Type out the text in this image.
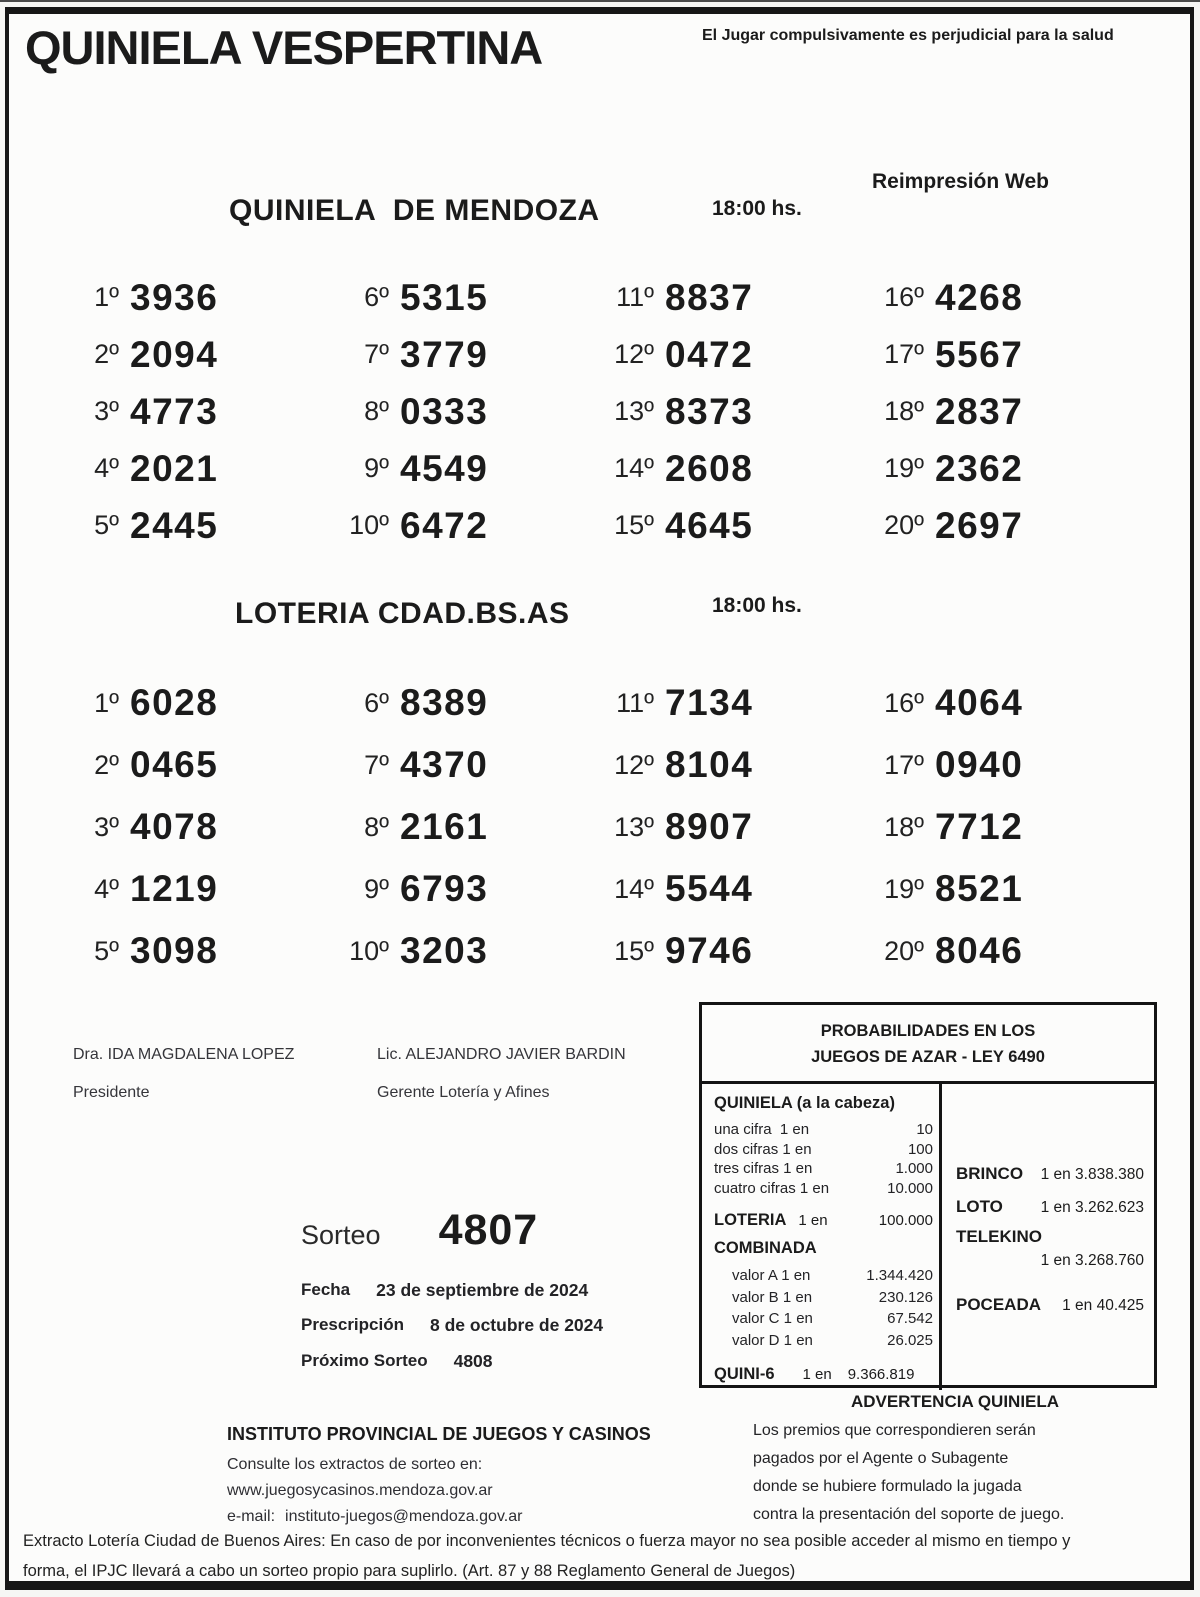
QUINIELA VESPERTINA	El Jugar compulsivamente es perjudicial para la salud
QUINIELA  DE MENDOZA	18:00 hs.
Reimpresión Web
1º 3936	6º 5315	11º 8837	16º 4268
2º 2094	7º 3779	12º 0472	17º 5567
3º 4773	8º 0333	13º 8373	18º 2837
4º 2021	9º 4549	14º 2608	19º 2362
5º 2445	10º 6472	15º 4645	20º 2697
LOTERIA CDAD.BS.AS	18:00 hs.
1º 6028	6º 8389	11º 7134	16º 4064
2º 0465	7º 4370	12º 8104	17º 0940
3º 4078	8º 2161	13º 8907	18º 7712
4º 1219	9º 6793	14º 5544	19º 8521
5º 3098	10º 3203	15º 9746	20º 8046
Dra. IDA MAGDALENA LOPEZ
Presidente
Lic. ALEJANDRO JAVIER BARDIN
Gerente Lotería y Afines
Sorteo 4807
Fecha 23 de septiembre de 2024
Prescripción 8 de octubre de 2024
Próximo Sorteo 4808
PROBABILIDADES EN LOS
JUEGOS DE AZAR - LEY 6490
QUINIELA (a la cabeza)
una cifra  1 en	10
dos cifras 1 en	100
tres cifras 1 en	1.000
cuatro cifras 1 en	10.000
LOTERIA 1 en	100.000
COMBINADA
valor A 1 en	1.344.420
valor B 1 en	230.126
valor C 1 en	67.542
valor D 1 en	26.025
QUINI-6 1 en 9.366.819
BRINCO 1 en 3.838.380
LOTO 1 en 3.262.623
TELEKINO
1 en 3.268.760
POCEADA 1 en 40.425
ADVERTENCIA QUINIELA
Los premios que correspondieren serán
pagados por el Agente o Subagente
donde se hubiere formulado la jugada
contra la presentación del soporte de juego.
INSTITUTO PROVINCIAL DE JUEGOS Y CASINOS
Consulte los extractos de sorteo en:
www.juegosycasinos.mendoza.gov.ar
e-mail: instituto-juegos@mendoza.gov.ar
Extracto Lotería Ciudad de Buenos Aires: En caso de por inconvenientes técnicos o fuerza mayor no sea posible acceder al mismo en tiempo y
forma, el IPJC llevará a cabo un sorteo propio para suplirlo. (Art. 87 y 88 Reglamento General de Juegos)
